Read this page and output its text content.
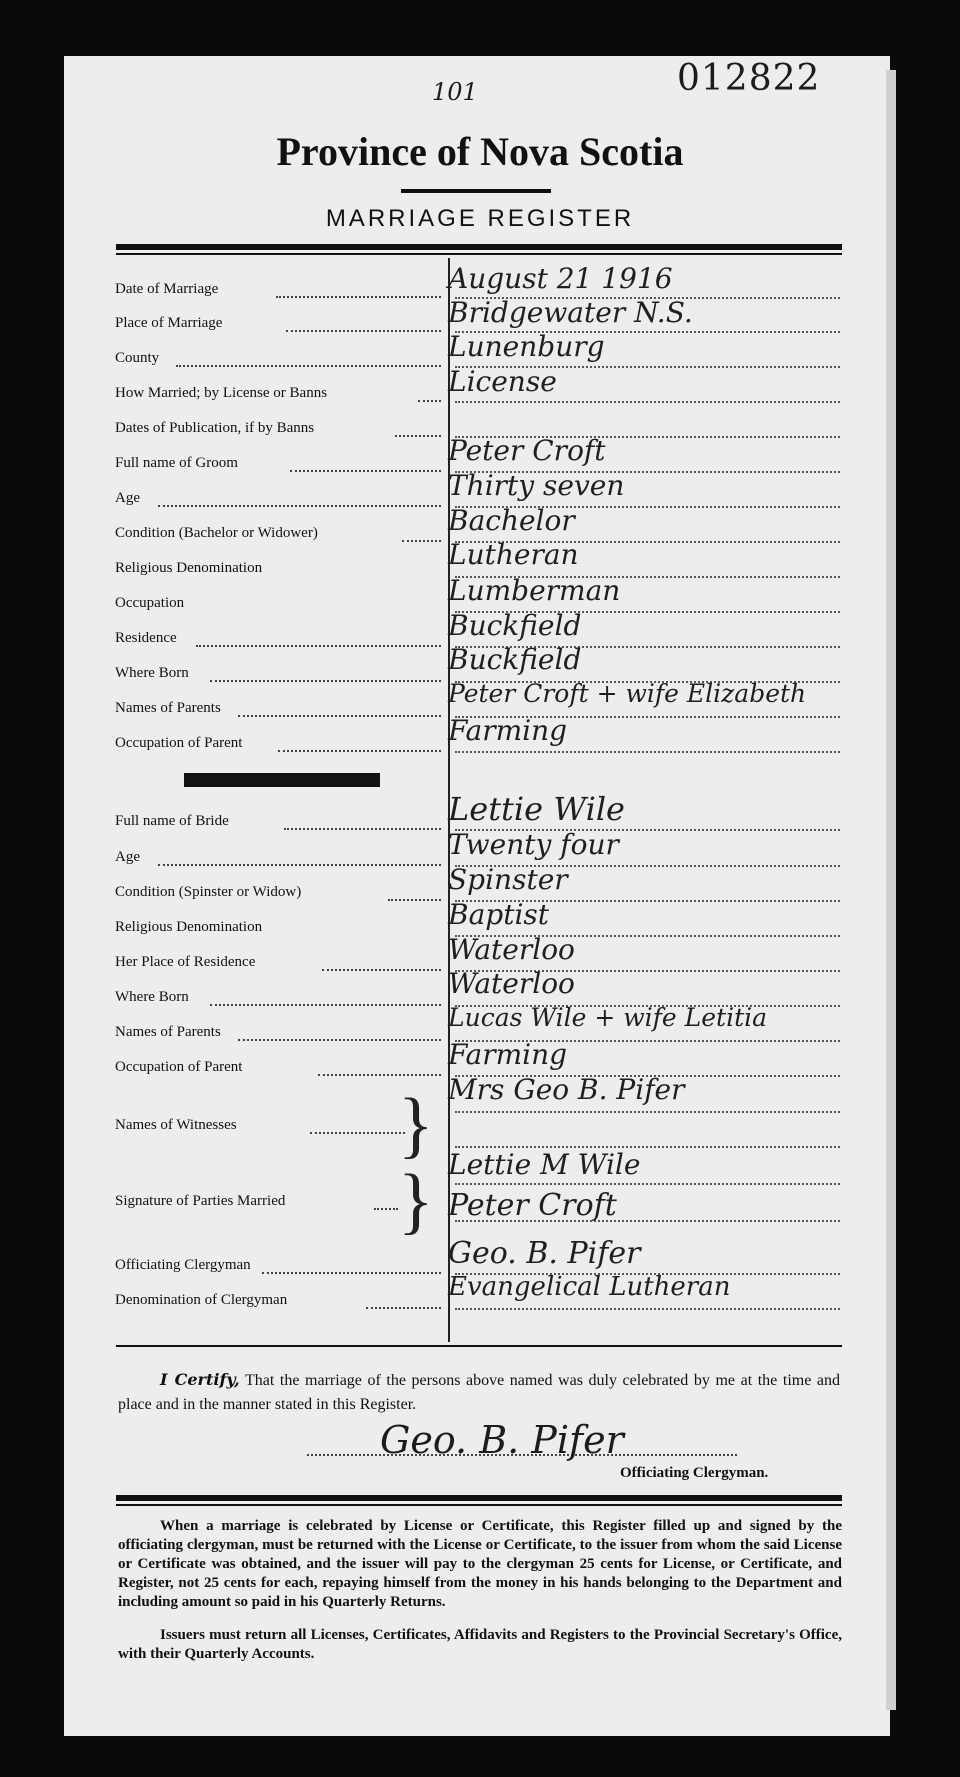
012822
101
Province of Nova Scotia
MARRIAGE REGISTER
Date of Marriage	August 21 1916
Place of Marriage	Bridgewater N.S.
County	Lunenburg
How Married; by License or Banns	License
Dates of Publication, if by Banns
Full name of Groom	Peter Croft
Age	Thirty seven
Condition (Bachelor or Widower)	Bachelor
Religious Denomination	Lutheran
Occupation	Lumberman
Residence	Buckfield
Where Born	Buckfield
Names of Parents	Peter Croft + wife Elizabeth
Occupation of Parent	Farming
Full name of Bride	Lettie Wile
Age	Twenty four
Condition (Spinster or Widow)	Spinster
Religious Denomination	Baptist
Her Place of Residence	Waterloo
Where Born	Waterloo
Names of Parents	Lucas Wile + wife Letitia
Occupation of Parent	Farming
Names of Witnesses } Mrs Geo B. Pifer
Signature of Parties Married } Lettie M Wile
Peter Croft
Officiating Clergyman	Geo. B. Pifer
Denomination of Clergyman	Evangelical Lutheran
I Certify, That the marriage of the persons above named was duly celebrated by me at the time and place and in the manner stated in this Register.
Geo. B. Pifer
Officiating Clergyman.

When a marriage is celebrated by License or Certificate, this Register filled up and signed by the officiating clergyman, must be returned with the License or Certificate, to the issuer from whom the said License or Certificate was obtained, and the issuer will pay to the clergyman 25 cents for License, or Certificate, and Register, not 25 cents for each, repaying himself from the money in his hands belonging to the Department and including amount so paid in his Quarterly Returns.

Issuers must return all Licenses, Certificates, Affidavits and Registers to the Provincial Secretary's Office, with their Quarterly Accounts.
